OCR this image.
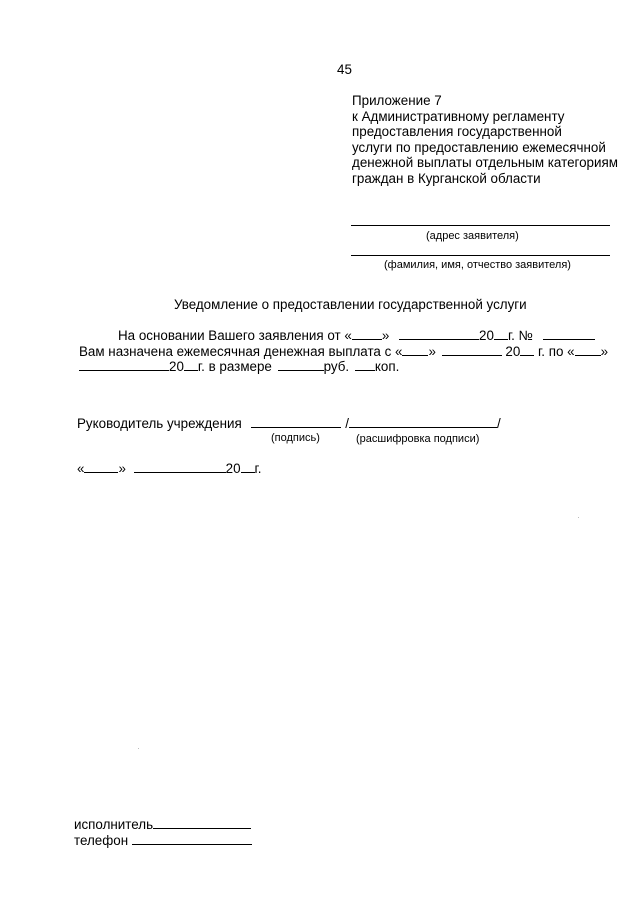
45
Приложение 7
к Административному регламенту
предоставления государственной
услуги по предоставлению ежемесячной
денежной выплаты отдельным категориям
граждан в Курганской области
(адрес заявителя)
(фамилия, имя, отчество заявителя)
Уведомление о предоставлении государственной услуги
На основании Вашего заявления от « »	20 г. №
Вам назначена ежемесячная денежная выплата с « »	20 г. по « »
20 г. в размере	руб. коп.
Руководитель учреждения	/	/
(подпись)	(расшифровка подписи)
«	»	20 г.
исполнитель
телефон
